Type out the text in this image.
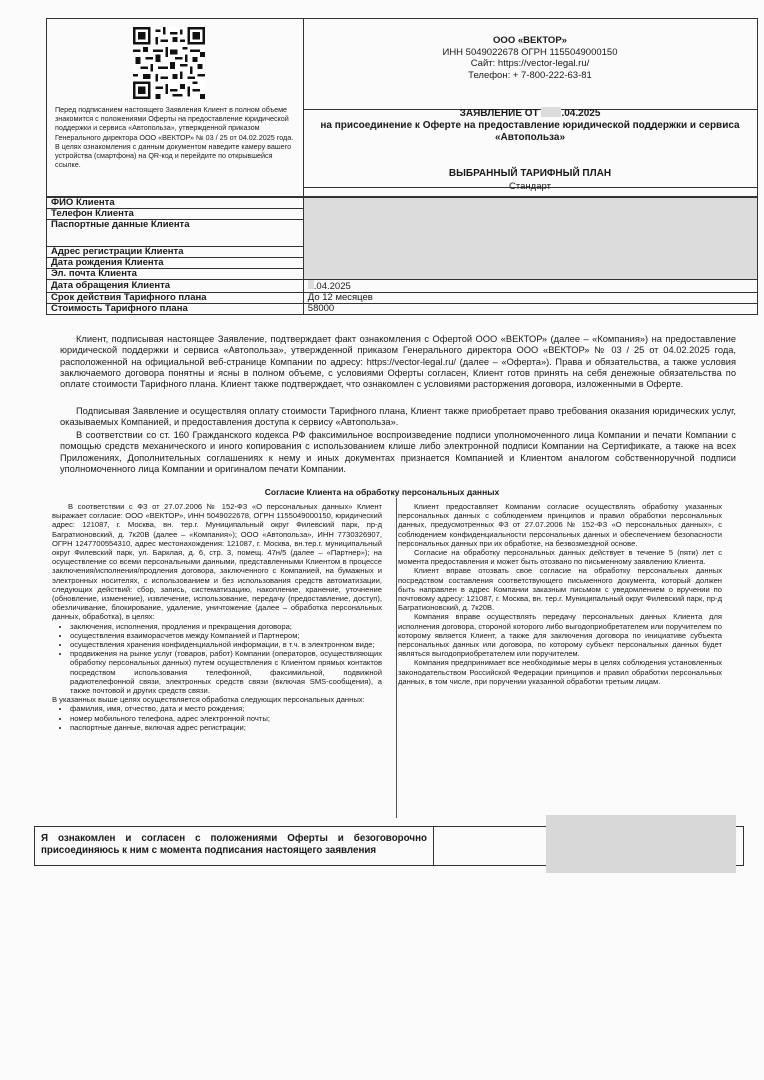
Перед подписанием настоящего Заявления Клиент в полном объеме знакомится с положениями Оферты на предоставление юридической поддержки и сервиса «Автопольза», утвержденной приказом Генерального директора ООО «ВЕКТОР» № 03 / 25 от 04.02.2025 года. В целях ознакомления с данным документом наведите камеру вашего устройства (смартфона) на QR-код и перейдите по открывшейся ссылке.
ООО «ВЕКТОР»
ИНН 5049022678 ОГРН 1155049000150
Сайт: https://vector-legal.ru/
Телефон: + 7-800-222-63-81
ЗАЯВЛЕНИЕ ОТ .04.2025
на присоединение к Оферте на предоставление юридической поддержки и сервиса «Автопольза»
ВЫБРАННЫЙ ТАРИФНЫЙ ПЛАН
Стандарт
ФИО Клиента	
Телефон Клиента	
Паспортные данные Клиента	
Адрес регистрации Клиента	
Дата рождения Клиента	
Эл. почта Клиента	
Дата обращения Клиента	.04.2025
Срок действия Тарифного плана	До 12 месяцев
Стоимость Тарифного плана	58000
Клиент, подписывая настоящее Заявление, подтверждает факт ознакомления с Офертой ООО «ВЕКТОР» (далее – «Компания») на предоставление юридической поддержки и сервиса «Автопольза», утвержденной приказом Генерального директора ООО «ВЕКТОР» № 03 / 25 от 04.02.2025 года, расположенной на официальной веб-странице Компании по адресу: https://vector-legal.ru/ (далее – «Оферта»). Права и обязательства, а также условия заключаемого договора понятны и ясны в полном объеме, с условиями Оферты согласен, Клиент готов принять на себя денежные обязательства по оплате стоимости Тарифного плана. Клиент также подтверждает, что ознакомлен с условиями расторжения договора, изложенными в Оферте.
Подписывая Заявление и осуществляя оплату стоимости Тарифного плана, Клиент также приобретает право требования оказания юридических услуг, оказываемых Компанией, и предоставления доступа к сервису «Автопольза».
В соответствии со ст. 160 Гражданского кодекса РФ факсимильное воспроизведение подписи уполномоченного лица Компании и печати Компании с помощью средств механического и иного копирования с использованием клише либо электронной подписи Компании на Сертификате, а также на всех Приложениях, Дополнительных соглашениях к нему и иных документах признается Компанией и Клиентом аналогом собственноручной подписи уполномоченного лица Компании и оригиналом печати Компании.
Согласие Клиента на обработку персональных данных

В соответствии с ФЗ от 27.07.2006 № 152-ФЗ «О персональных данных» Клиент выражает согласие: ООО «ВЕКТОР», ИНН 5049022678, ОГРН 1155049000150, юридический адрес: 121087, г. Москва, вн. тер.г. Муниципальный округ Филевский парк, пр-д Багратионовский, д. 7к20В (далее – «Компания»); ООО «Автопольза», ИНН 7730326907, ОГРН 1247700554310, адрес местонахождения: 121087, г. Москва, вн.тер.г. муниципальный округ Филевский парк, ул. Барклая, д. 6, стр. 3, помещ. 47н/5 (далее – «Партнер»); на осуществление со всеми персональными данными, представленными Клиентом в процессе заключения/исполнения/продления договора, заключенного с Компанией, на бумажных и электронных носителях, с использованием и без использования средств автоматизации, следующих действий: сбор, запись, систематизацию, накопление, хранение, уточнение (обновление, изменение), извлечение, использование, передачу (предоставление, доступ), обезличивание, блокирование, удаление, уничтожение (далее – обработка персональных данных, обработка), в целях:

• заключения, исполнения, продления и прекращения договора;
• осуществления взаиморасчетов между Компанией и Партнером;
• осуществления хранения конфиденциальной информации, в т.ч. в электронном виде;
• продвижения на рынке услуг (товаров, работ) Компании (операторов, осуществляющих обработку персональных данных) путем осуществления с Клиентом прямых контактов посредством использования телефонной, факсимильной, подвижной радиотелефонной связи, электронных средств связи (включая SMS-сообщения), а также почтовой и других средств связи.

В указанных выше целях осуществляется обработка следующих персональных данных:

• фамилия, имя, отчество, дата и место рождения;
• номер мобильного телефона, адрес электронной почты;
• паспортные данные, включая адрес регистрации;

Клиент предоставляет Компании согласие осуществлять обработку указанных персональных данных с соблюдением принципов и правил обработки персональных данных, предусмотренных ФЗ от 27.07.2006 № 152-ФЗ «О персональных данных», с соблюдением конфиденциальности персональных данных и обеспечением безопасности персональных данных при их обработке, на безвозмездной основе.

Согласие на обработку персональных данных действует в течение 5 (пяти) лет с момента предоставления и может быть отозвано по письменному заявлению Клиента.

Клиент вправе отозвать свое согласие на обработку персональных данных посредством составления соответствующего письменного документа, который должен быть направлен в адрес Компании заказным письмом с уведомлением о вручении по почтовому адресу: 121087, г. Москва, вн. тер.г. Муниципальный округ Филевский парк, пр-д Багратионовский, д. 7к20В.

Компания вправе осуществлять передачу персональных данных Клиента для исполнения договора, стороной которого либо выгодоприобретателем или поручителем по которому является Клиент, а также для заключения договора по инициативе субъекта персональных данных или договора, по которому субъект персональных данных будет являться выгодоприобретателем или поручителем.

Компания предпринимает все необходимые меры в целях соблюдения установленных законодательством Российской Федерации принципов и правил обработки персональных данных, в том числе, при поручении указанной обработки третьим лицам.

Я ознакомлен и согласен с положениями Оферты и безоговорочно присоединяюсь к ним с момента подписания настоящего заявления
